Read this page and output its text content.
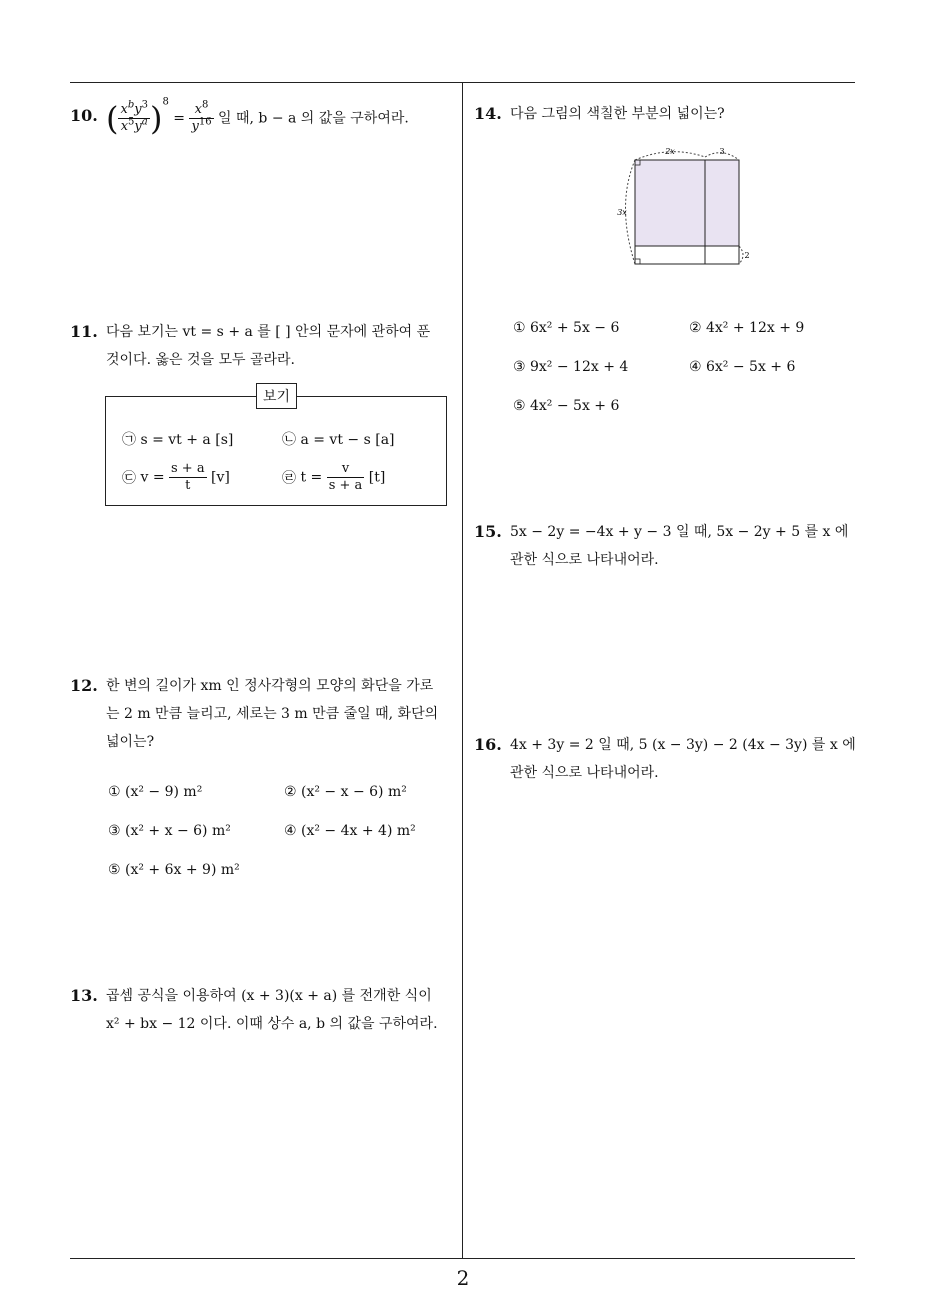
2
10. ( $\frac{x^by^3}{x^5y^a} )^8 = \frac{x^8}{y^{16}}$ 일 때, b − a 의 값을 구하여라.
11. 다음 보기는 vt = s + a 를 [ ] 안의 문자에 관하여 푼
것이다. 옳은 것을 모두 골라라.
보기
㉠ s = vt + a [s]	㉡ a = vt − s [a]
㉢ $v = \frac{s + a}{t} [v]$	㉣ $t = \frac{v}{s + a} [t]$
12. 한 변의 길이가 xm 인 정사각형의 모양의 화단을 가로
는 2 m 만큼 늘리고, 세로는 3 m 만큼 줄일 때, 화단의
넓이는?
① (x² − 9) m²	② (x² − x − 6) m²
③ (x² + x − 6) m²	④ (x² − 4x + 4) m²
⑤ (x² + 6x + 9) m²
13. 곱셈 공식을 이용하여 (x + 3)(x + a) 를 전개한 식이
x² + bx − 12 이다. 이때 상수 a, b 의 값을 구하여라.
14. 다음 그림의 색칠한 부분의 넓이는?
2x	3
3x
2
① 6x² + 5x − 6	② 4x² + 12x + 9
③ 9x² − 12x + 4	④ 6x² − 5x + 6
⑤ 4x² − 5x + 6
15. 5x − 2y = −4x + y − 3 일 때, 5x − 2y + 5 를 x 에
관한 식으로 나타내어라.
16. 4x + 3y = 2 일 때, 5 (x − 3y) − 2 (4x − 3y) 를 x 에
관한 식으로 나타내어라.
